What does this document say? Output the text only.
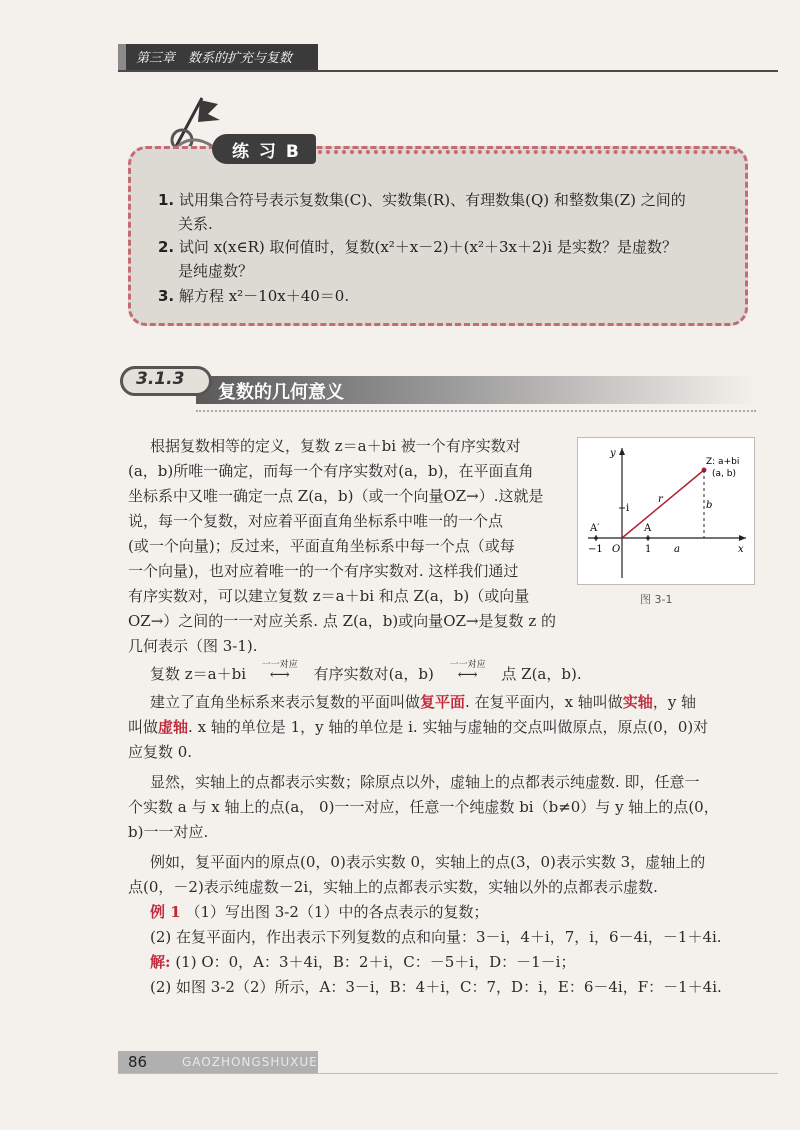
第三章　数系的扩充与复数
练 习 B
1. 试用集合符号表示复数集(C)、实数集(R)、有理数集(Q) 和整数集(Z) 之间的
关系.
2. 试问 x(x∈R) 取何值时，复数(x²＋x－2)＋(x²＋3x＋2)i 是实数？是虚数？
是纯虚数？
3. 解方程 x²－10x＋40＝0.
3.1.3
复数的几何意义
根据复数相等的定义，复数 z＝a＋bi 被一个有序实数对
(a，b)所唯一确定，而每一个有序实数对(a，b)，在平面直角
坐标系中又唯一确定一点 Z(a，b)（或一个向量OZ→）.这就是
说，每一个复数，对应着平面直角坐标系中唯一的一个点
(或一个向量)；反过来，平面直角坐标系中每一个点（或每
一个向量)，也对应着唯一的一个有序实数对. 这样我们通过
有序实数对，可以建立复数 z＝a＋bi 和点 Z(a，b)（或向量
OZ→）之间的一一对应关系. 点 Z(a，b)或向量OZ→是复数 z 的
几何表示（图 3-1).
y
x
Z: a+bi
(a, b)
r
b
i
A
A′
−1 O 1 a
图 3-1
复数 z＝a＋bi	一一对应
⟷ 有序实数对(a，b)	一一对应
⟷ 点 Z(a，b).
建立了直角坐标系来表示复数的平面叫做复平面. 在复平面内，x 轴叫做实轴，y 轴
叫做虚轴. x 轴的单位是 1，y 轴的单位是 i. 实轴与虚轴的交点叫做原点，原点(0，0)对
应复数 0.
显然，实轴上的点都表示实数；除原点以外，虚轴上的点都表示纯虚数. 即，任意一
个实数 a 与 x 轴上的点(a， 0)一一对应，任意一个纯虚数 bi（b≠0）与 y 轴上的点(0，
b)一一对应.
例如，复平面内的原点(0，0)表示实数 0，实轴上的点(3，0)表示实数 3，虚轴上的
点(0，－2)表示纯虚数－2i，实轴上的点都表示实数，实轴以外的点都表示虚数.
例 1 （1）写出图 3-2（1）中的各点表示的复数；
(2) 在复平面内，作出表示下列复数的点和向量：3－i，4＋i，7，i，6－4i，－1＋4i.
解: (1) O：0，A：3＋4i，B：2＋i，C：－5＋i，D：－1－i；
(2) 如图 3-2（2）所示，A：3－i，B：4＋i，C：7，D：i，E：6－4i，F：－1＋4i.
86	GAOZHONGSHUXUE
